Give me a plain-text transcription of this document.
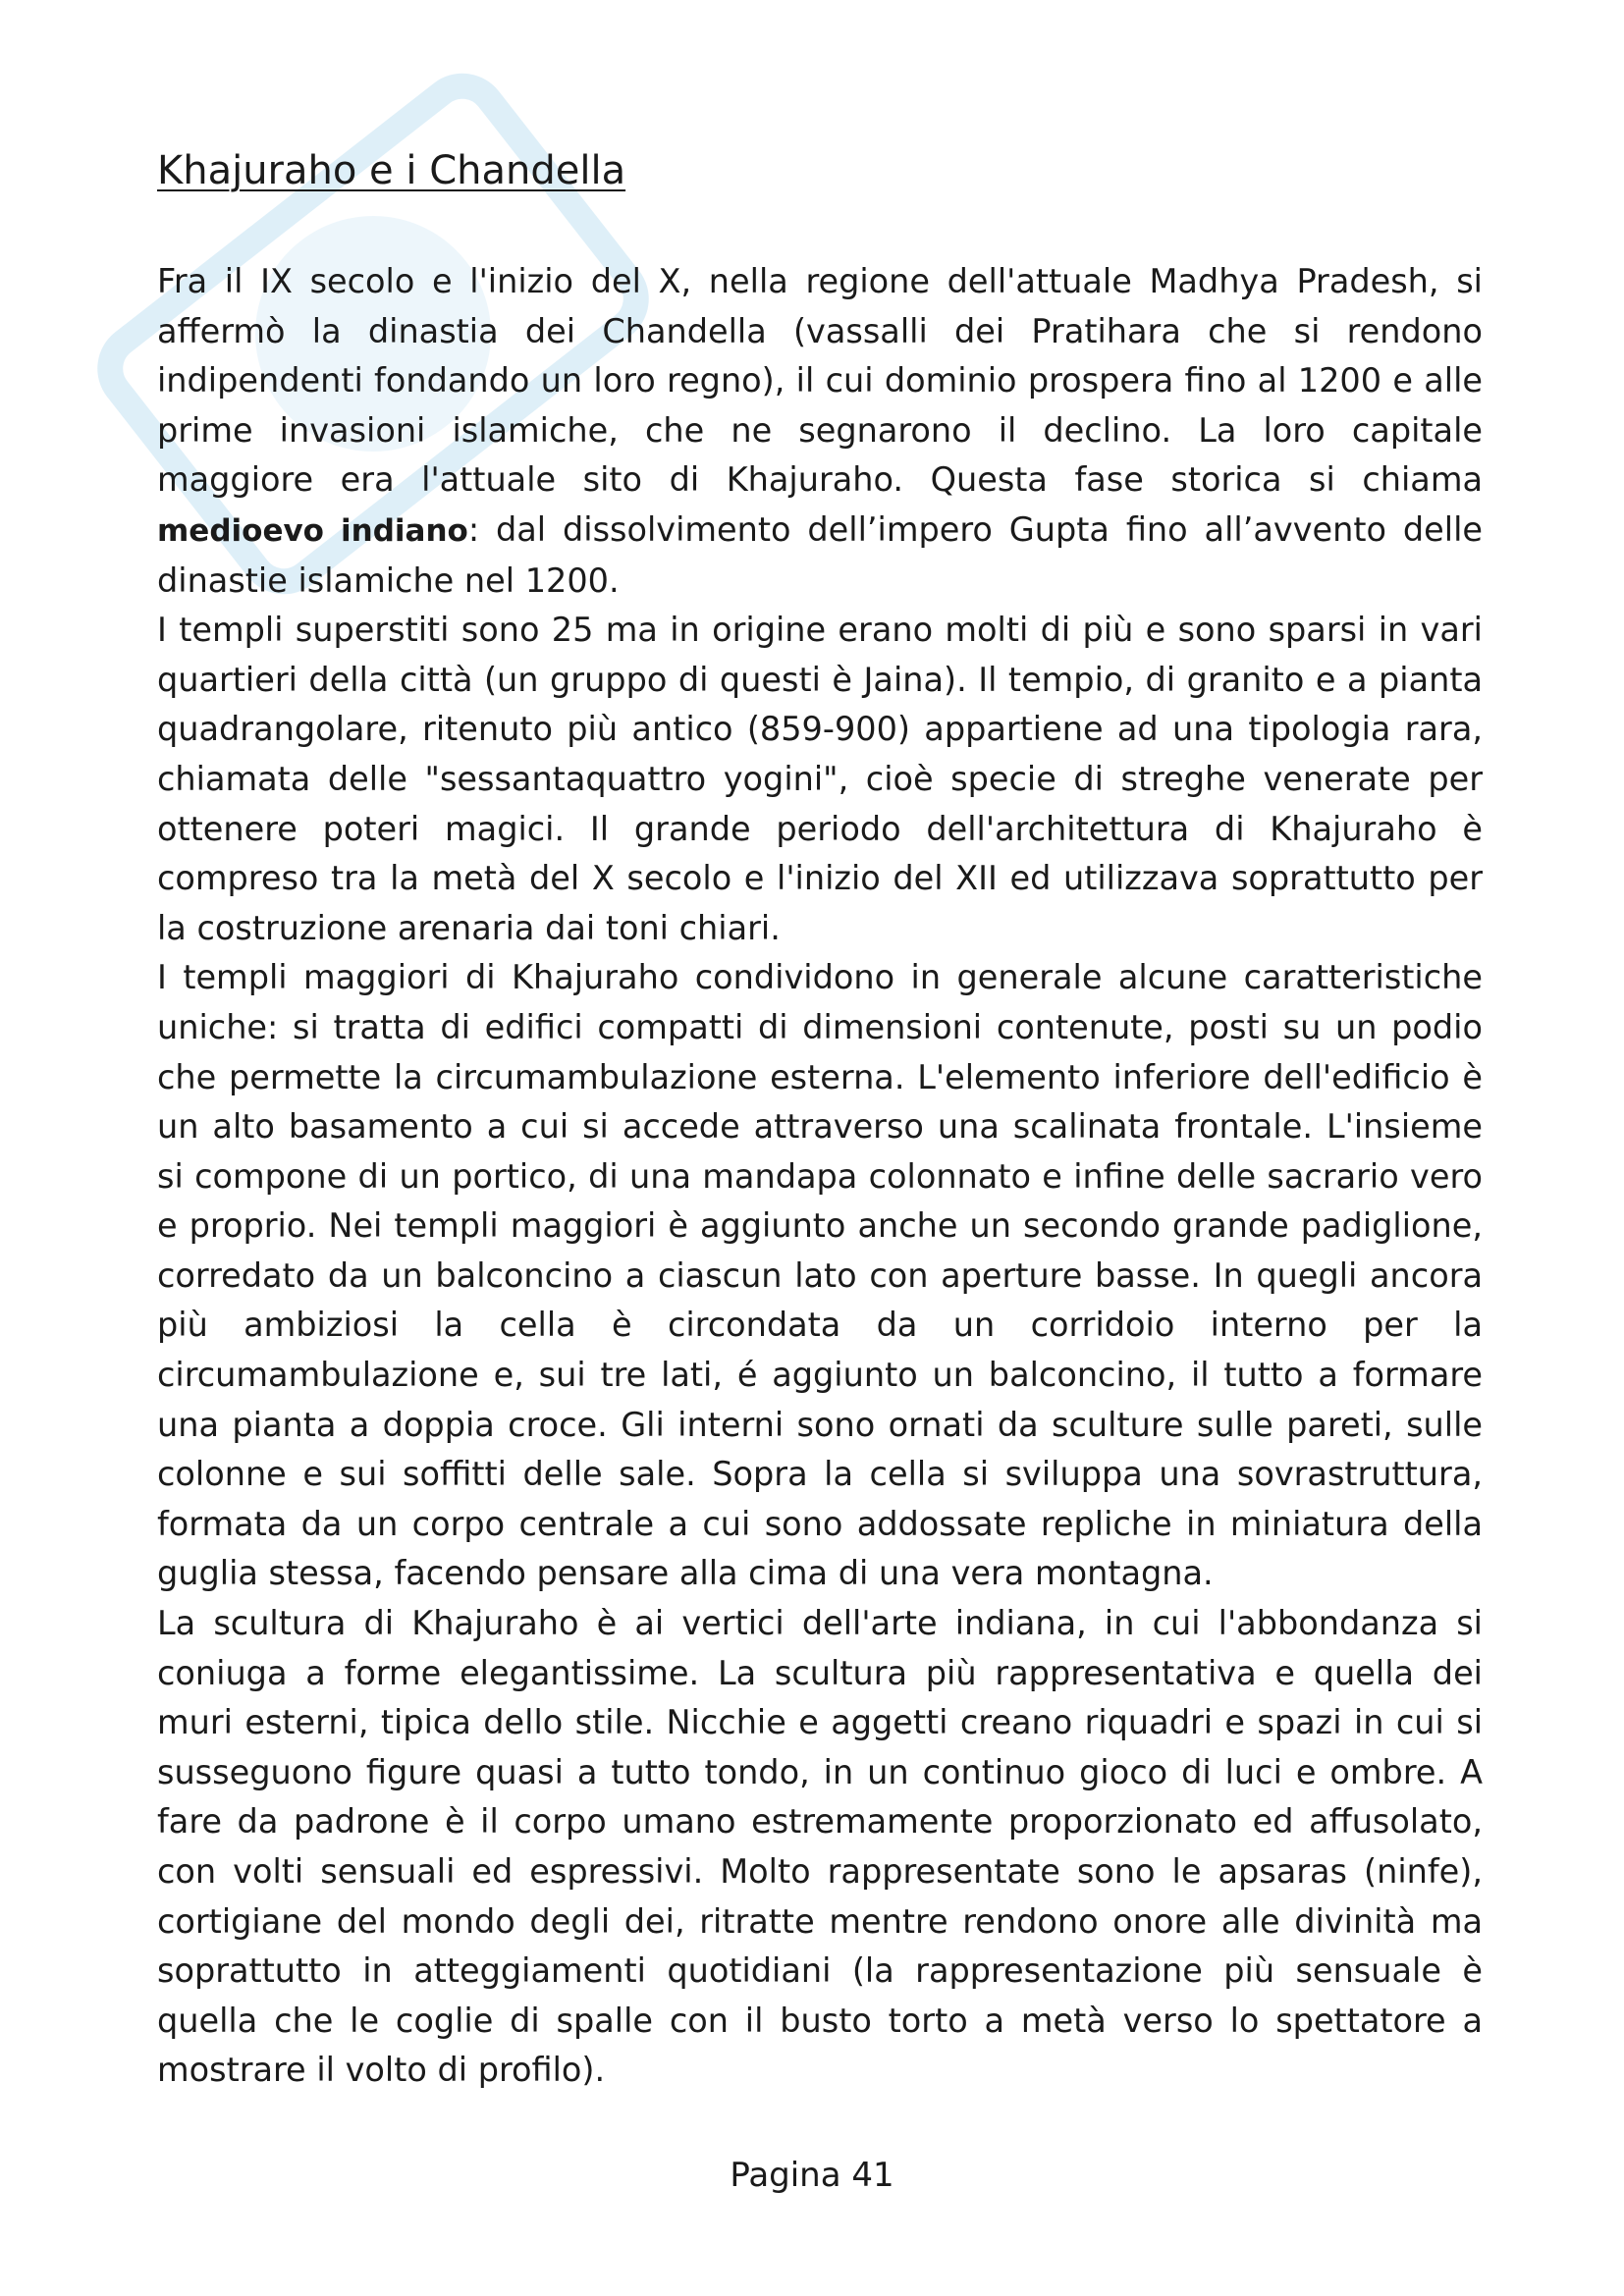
Khajuraho e i Chandella

Fra il IX secolo e l'inizio del X, nella regione dell'attuale Madhya Pradesh, si affermò la dinastia dei Chandella (vassalli dei Pratihara che si rendono indipendenti fondando un loro regno), il cui dominio prospera fino al 1200 e alle prime invasioni islamiche, che ne segnarono il declino. La loro capitale maggiore era l'attuale sito di Khajuraho. Questa fase storica si chiama medioevo indiano: dal dissolvimento dell’impero Gupta fino all’avvento delle dinastie islamiche nel 1200.

I templi superstiti sono 25 ma in origine erano molti di più e sono sparsi in vari quartieri della città (un gruppo di questi è Jaina). Il tempio, di granito e a pianta quadrangolare, ritenuto più antico (859-900) appartiene ad una tipologia rara, chiamata delle "sessantaquattro yogini", cioè specie di streghe venerate per ottenere poteri magici. Il grande periodo dell'architettura di Khajuraho è compreso tra la metà del X secolo e l'inizio del XII ed utilizzava soprattutto per la costruzione arenaria dai toni chiari.

I templi maggiori di Khajuraho condividono in generale alcune caratteristiche uniche: si tratta di edifici compatti di dimensioni contenute, posti su un podio che permette la circumambulazione esterna. L'elemento inferiore dell'edificio è un alto basamento a cui si accede attraverso una scalinata frontale. L'insieme si compone di un portico, di una mandapa colonnato e infine delle sacrario vero e proprio. Nei templi maggiori è aggiunto anche un secondo grande padiglione, corredato da un balconcino a ciascun lato con aperture basse. In quegli ancora più ambiziosi la cella è circondata da un corridoio interno per la circumambulazione e, sui tre lati, é aggiunto un balconcino, il tutto a formare una pianta a doppia croce. Gli interni sono ornati da sculture sulle pareti, sulle colonne e sui soffitti delle sale. Sopra la cella si sviluppa una sovrastruttura, formata da un corpo centrale a cui sono addossate repliche in miniatura della guglia stessa, facendo pensare alla cima di una vera montagna.

La scultura di Khajuraho è ai vertici dell'arte indiana, in cui l'abbondanza si coniuga a forme elegantissime. La scultura più rappresentativa e quella dei muri esterni, tipica dello stile. Nicchie e aggetti creano riquadri e spazi in cui si susseguono figure quasi a tutto tondo, in un continuo gioco di luci e ombre. A fare da padrone è il corpo umano estremamente proporzionato ed affusolato, con volti sensuali ed espressivi. Molto rappresentate sono le apsaras (ninfe), cortigiane del mondo degli dei, ritratte mentre rendono onore alle divinità ma soprattutto in atteggiamenti quotidiani (la rappresentazione più sensuale è quella che le coglie di spalle con il busto torto a metà verso lo spettatore a mostrare il volto di profilo).

Pagina 41
